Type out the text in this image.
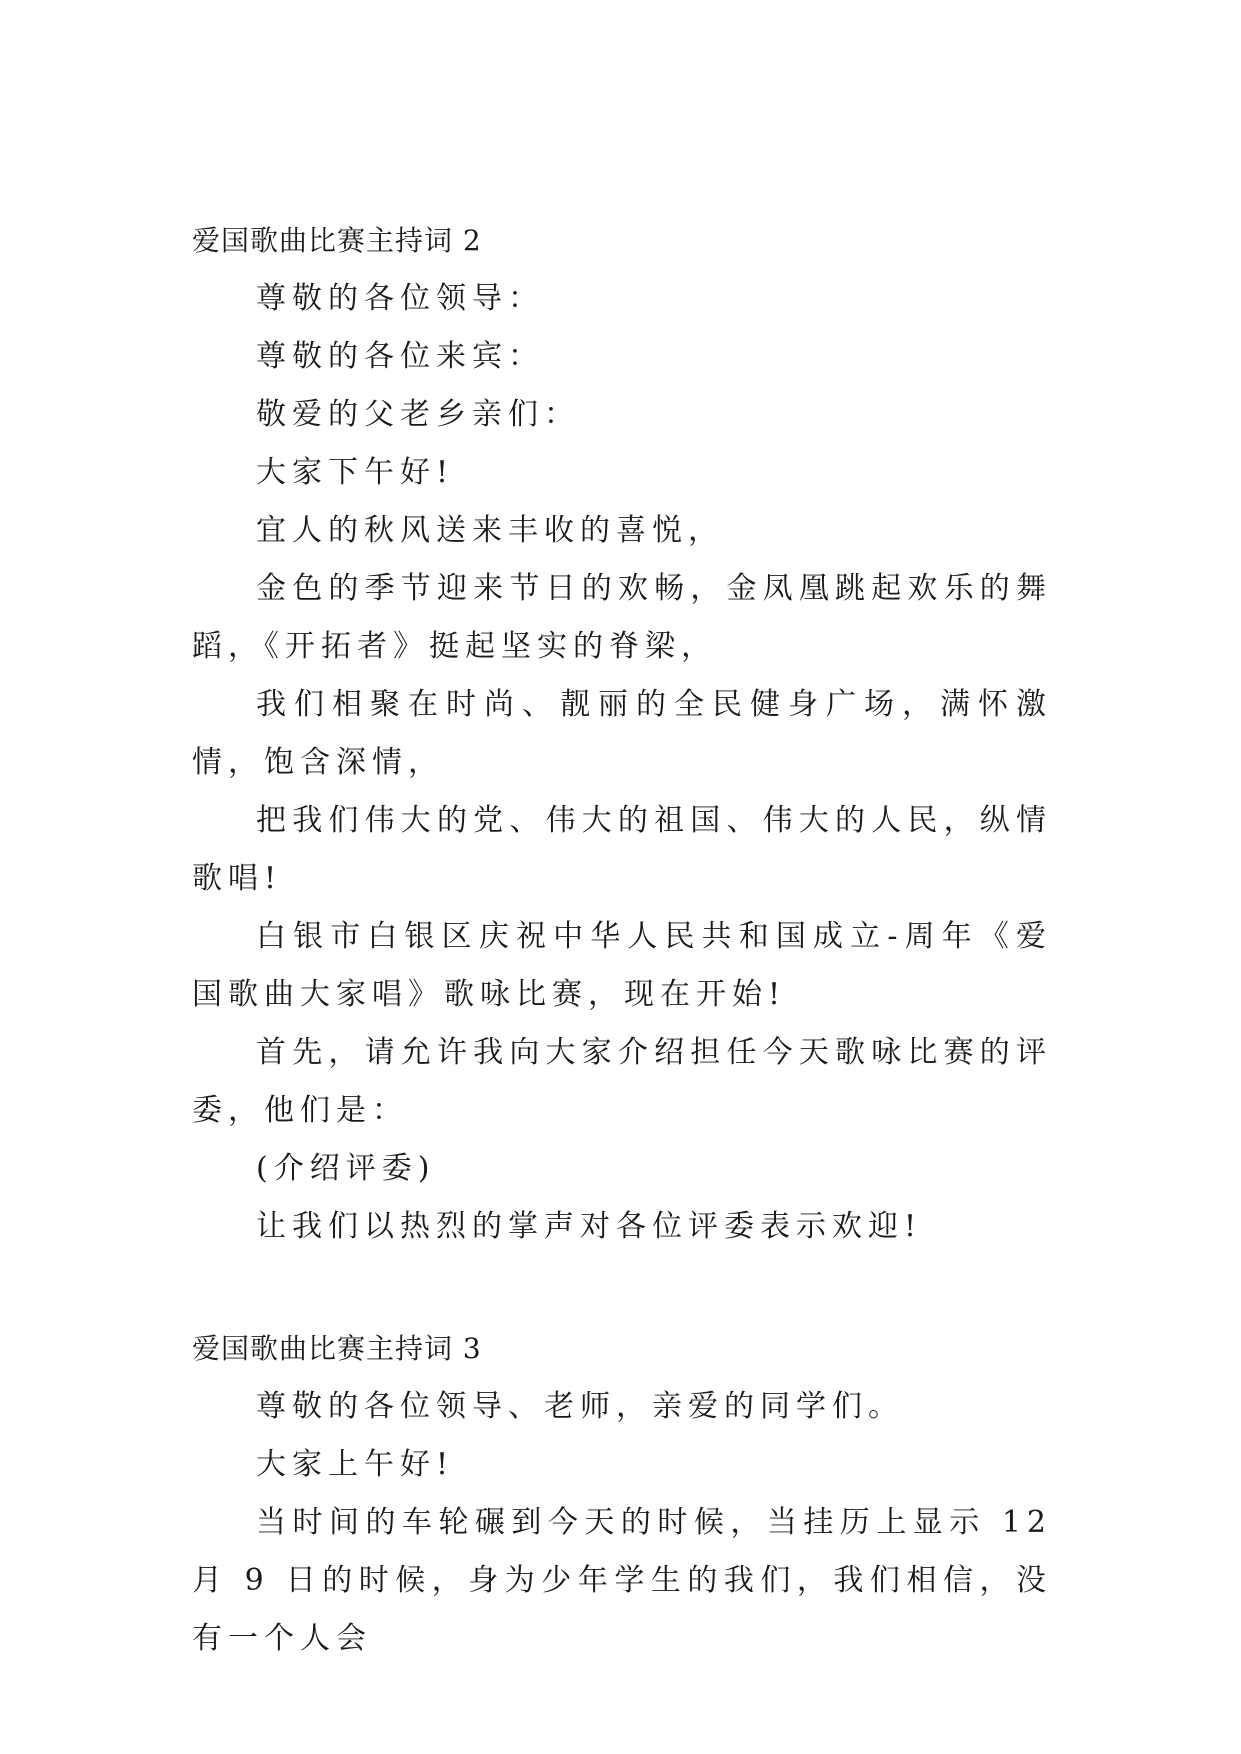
爱国歌曲比赛主持词 2

尊敬的各位领导：

尊敬的各位来宾：

敬爱的父老乡亲们：

大家下午好!

宜人的秋风送来丰收的喜悦，

金色的季节迎来节日的欢畅，金凤凰跳起欢乐的舞蹈，《开拓者》挺起坚实的脊梁，

我们相聚在时尚、靓丽的全民健身广场，满怀激情，饱含深情，

把我们伟大的党、伟大的祖国、伟大的人民，纵情歌唱!

白银市白银区庆祝中华人民共和国成立-周年《爱国歌曲大家唱》歌咏比赛，现在开始!

首先，请允许我向大家介绍担任今天歌咏比赛的评委，他们是：

(介绍评委)

让我们以热烈的掌声对各位评委表示欢迎!

爱国歌曲比赛主持词 3

尊敬的各位领导、老师，亲爱的同学们。

大家上午好!

当时间的车轮碾到今天的时候，当挂历上显示 12 月 9 日的时候，身为少年学生的我们，我们相信，没有一个人会
